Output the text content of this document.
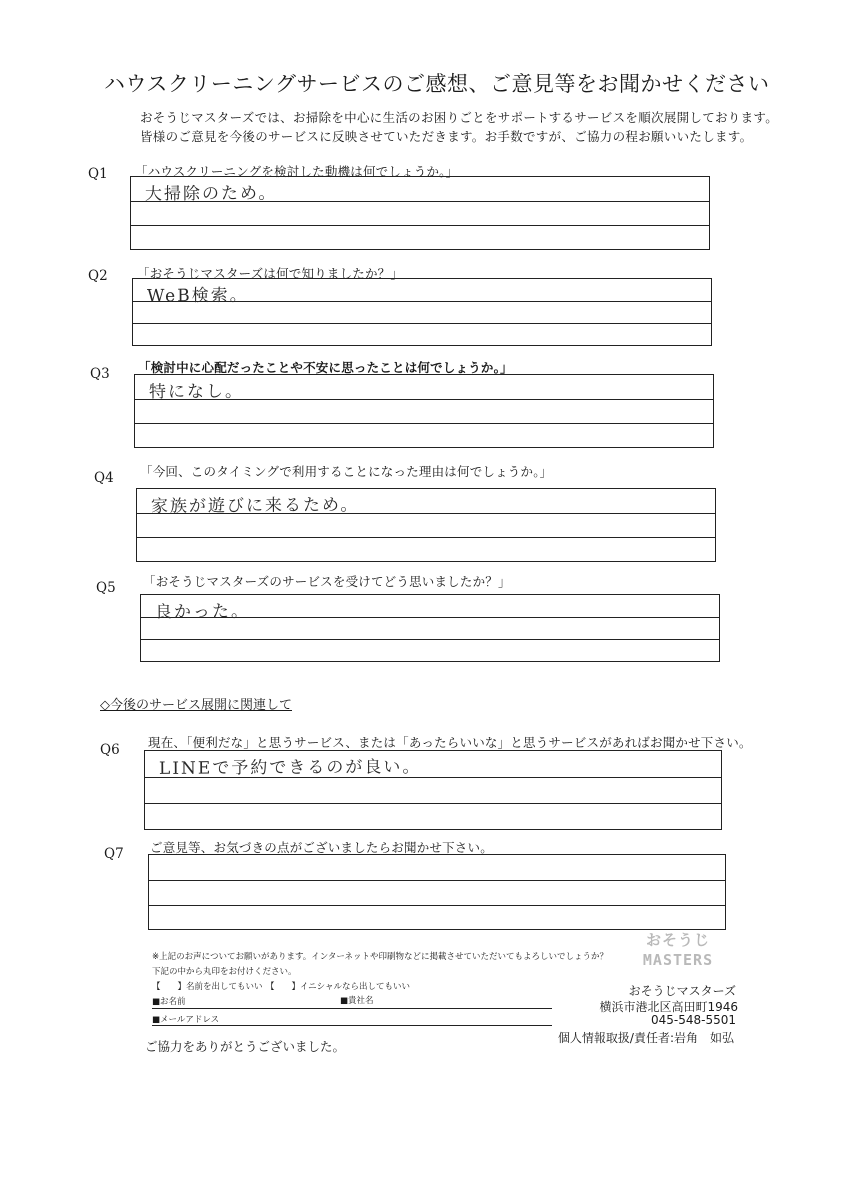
ハウスクリーニングサービスのご感想、ご意見等をお聞かせください
おそうじマスターズでは、お掃除を中心に生活のお困りごとをサポートするサービスを順次展開しております。
皆様のご意見を今後のサービスに反映させていただきます。お手数ですが、ご協力の程お願いいたします。
Q1 「ハウスクリーニングを検討した動機は何でしょうか。」
大掃除のため。
Q2 「おそうじマスターズは何で知りましたか？」
WeB検索。
Q3 「検討中に心配だったことや不安に思ったことは何でしょうか。」
特になし。
Q4 「今回、このタイミングで利用することになった理由は何でしょうか。」
家族が遊びに来るため。
Q5 「おそうじマスターズのサービスを受けてどう思いましたか？」
良かった。
◇今後のサービス展開に関連して
Q6 現在、「便利だな」と思うサービス、または「あったらいいな」と思うサービスがあればお聞かせ下さい。
LINEで予約できるのが良い。
Q7 ご意見等、お気づきの点がございましたらお聞かせ下さい。
※上記のお声についてお願いがあります。インターネットや印刷物などに掲載させていただいてもよろしいでしょうか？
下記の中から丸印をお付けください。
【　　】名前を出してもいい 【　　】イニシャルなら出してもいい
■お名前	■貴社名
■メールアドレス
ご協力をありがとうございました。
おそうじ
MASTERS
おそうじマスターズ
横浜市港北区高田町1946
045-548-5501
個人情報取扱/責任者:岩角　如弘
